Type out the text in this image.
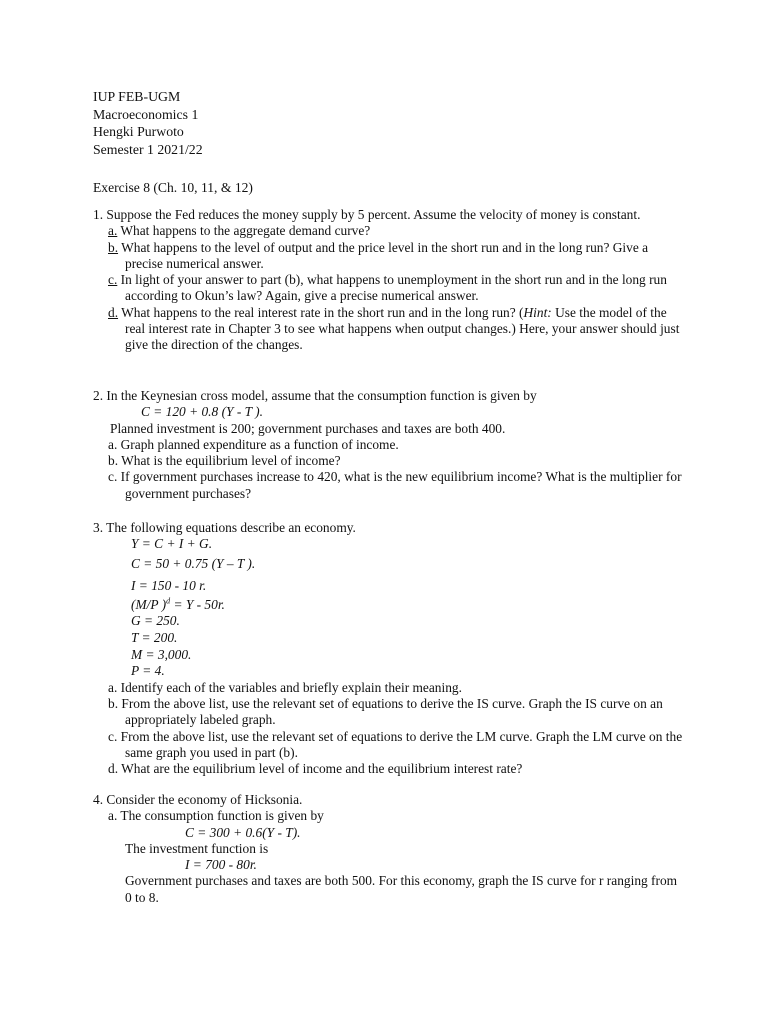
IUP FEB-UGM
Macroeconomics 1
Hengki Purwoto
Semester 1 2021/22
Exercise 8 (Ch. 10, 11, & 12)
1. Suppose the Fed reduces the money supply by 5 percent. Assume the velocity of money is constant.
a. What happens to the aggregate demand curve?
b. What happens to the level of output and the price level in the short run and in the long run? Give a precise numerical answer.
c. In light of your answer to part (b), what happens to unemployment in the short run and in the long run according to Okun’s law? Again, give a precise numerical answer.
d. What happens to the real interest rate in the short run and in the long run? (Hint: Use the model of the real interest rate in Chapter 3 to see what happens when output changes.) Here, your answer should just give the direction of the changes.
2. In the Keynesian cross model, assume that the consumption function is given by
C = 120 + 0.8 (Y - T ).
Planned investment is 200; government purchases and taxes are both 400.
a. Graph planned expenditure as a function of income.
b. What is the equilibrium level of income?
c. If government purchases increase to 420, what is the new equilibrium income? What is the multiplier for government purchases?
3. The following equations describe an economy.
Y = C + I + G.
C = 50 + 0.75 (Y – T ).
I = 150 - 10 r.
(M/P )$^d$ = Y - 50r.
G = 250.
T = 200.
M = 3,000.
P = 4.
a. Identify each of the variables and briefly explain their meaning.
b. From the above list, use the relevant set of equations to derive the IS curve. Graph the IS curve on an appropriately labeled graph.
c. From the above list, use the relevant set of equations to derive the LM curve. Graph the LM curve on the same graph you used in part (b).
d. What are the equilibrium level of income and the equilibrium interest rate?
4. Consider the economy of Hicksonia.
a. The consumption function is given by
C = 300 + 0.6(Y - T).
The investment function is
I = 700 - 80r.
Government purchases and taxes are both 500. For this economy, graph the IS curve for r ranging from 0 to 8.
